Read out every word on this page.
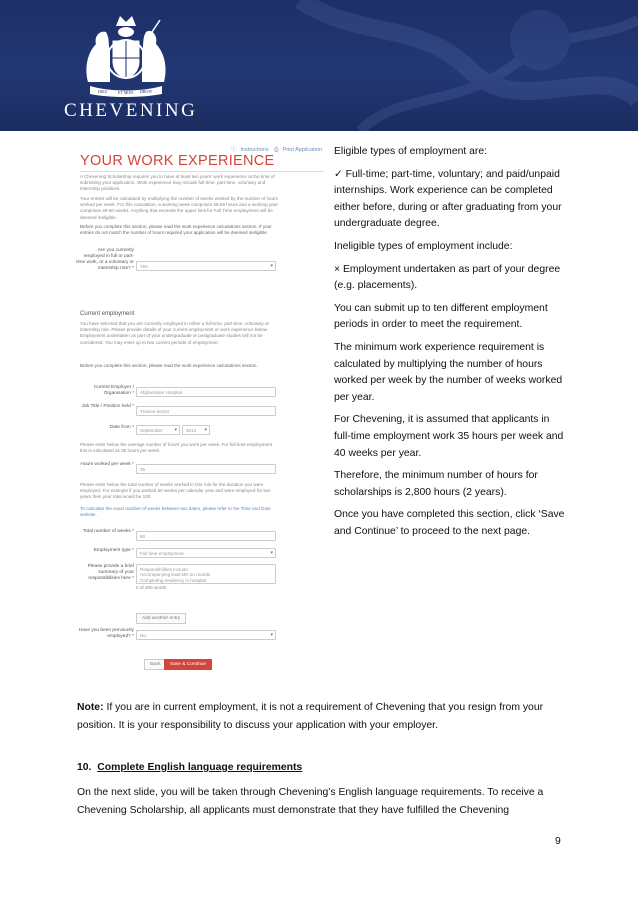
DIEU	ET MON DROIT
CHEVENING
ⓘ Instructions ⎙ Print Application
YOUR WORK EXPERIENCE
A Chevening Scholarship requires you to have at least two years' work experience at the time of submitting your application. Work experience may include full-time, part-time, voluntary and internship positions.
Your entries will be calculated by multiplying the number of weeks worked by the number of hours worked per week. For this calculation, a working week comprises 35-59 hours and a working year comprises 40-60 weeks. Anything that exceeds the upper limit for Full Time employment will be deemed ineligible.
Before you complete this section, please read the work experience calculations section. If your entries do not match the number of hours required your application will be deemed ineligible.
Are you currently employed in full or part-time work, or a voluntary or internship role? *	Yes ▾
Current employment
You have selected that you are currently employed in either a full-time, part-time, voluntary or internship role. Please provide details of your current employment or work experience below. Employment undertaken as part of your undergraduate or postgraduate studies will not be considered. You may enter up to two current periods of employment.
Before you complete this section, please read the work experience calculations section.
Current Employer / Organisation *	Afghanistan Hospital
Job Title / Position held *
Trainee doctor
Date from *	September ▾	2013 ▾
Please enter below the average number of hours you work per week. For full-time employment this is calculated as 35 hours per week.
Hours worked per week *
35
Please enter below the total number of weeks worked in this role for the duration you were employed. For example if you worked 50 weeks per calendar year and were employed for two years then your total would be 100.
To calculate the exact number of weeks between two dates, please refer to the Time and Date website.
Total number of weeks *
80
Employment type *	Full time employment ▾
Please provide a brief summary of your responsibilities here *
Responsibilities include:
Accompanying lead MD on rounds
Completing residency in hospital
0 of 200 words
Add another entry
Have you been previously employed? *	No ▾
Back	Save & Continue

Eligible types of employment are:

✓ Full-time; part-time, voluntary; and paid/unpaid internships. Work experience can be completed either before, during or after graduating from your undergraduate degree.

Ineligible types of employment include:

× Employment undertaken as part of your degree (e.g. placements).

You can submit up to ten different employment periods in order to meet the requirement.

The minimum work experience requirement is calculated by multiplying the number of hours worked per week by the number of weeks worked per year.

For Chevening, it is assumed that applicants in full-time employment work 35 hours per week and 40 weeks per year.

Therefore, the minimum number of hours for scholarships is 2,800 hours (2 years).

Once you have completed this section, click ‘Save and Continue’ to proceed to the next page.

Note: If you are in current employment, it is not a requirement of Chevening that you resign from your position. It is your responsibility to discuss your application with your employer.
10. Complete English language requirements
On the next slide, you will be taken through Chevening’s English language requirements. To receive a Chevening Scholarship, all applicants must demonstrate that they have fulfilled the Chevening
9
